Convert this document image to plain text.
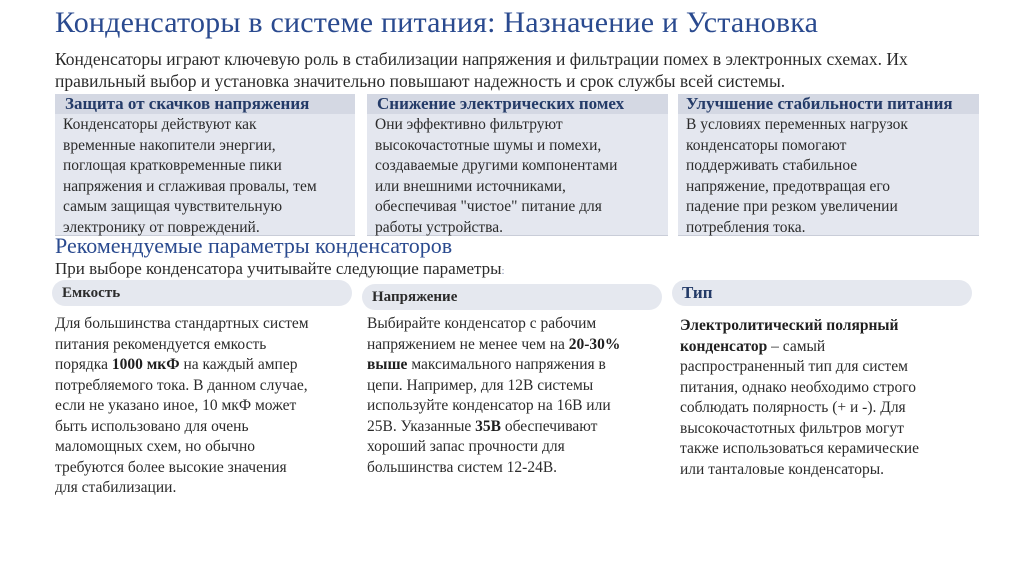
Конденсаторы в системе питания: Назначение и Установка
Конденсаторы играют ключевую роль в стабилизации напряжения и фильтрации помех в электронных схемах. Их правильный выбор и установка значительно повышают надежность и срок службы всей системы.
Защита от скачков напряжения
Конденсаторы действуют как
временные накопители энергии,
поглощая кратковременные пики
напряжения и сглаживая провалы, тем
самым защищая чувствительную
электронику от повреждений.
Снижение электрических помех
Они эффективно фильтруют
высокочастотные шумы и помехи,
создаваемые другими компонентами
или внешними источниками,
обеспечивая "чистое" питание для
работы устройства.
Улучшение стабильности питания
В условиях переменных нагрузок
конденсаторы помогают
поддерживать стабильное
напряжение, предотвращая его
падение при резком увеличении
потребления тока.
Рекомендуемые параметры конденсаторов
При выборе конденсатора учитывайте следующие параметры:
Емкость	Напряжение	Тип
Для большинства стандартных систем
питания рекомендуется емкость
порядка 1000 мкФ на каждый ампер
потребляемого тока. В данном случае,
если не указано иное, 10 мкФ может
быть использовано для очень
маломощных схем, но обычно
требуются более высокие значения
для стабилизации.
Выбирайте конденсатор с рабочим
напряжением не менее чем на 20-30%
выше максимального напряжения в
цепи. Например, для 12В системы
используйте конденсатор на 16В или
25В. Указанные 35В обеспечивают
хороший запас прочности для
большинства систем 12-24В.
Электролитический полярный
конденсатор – самый
распространенный тип для систем
питания, однако необходимо строго
соблюдать полярность (+ и -). Для
высокочастотных фильтров могут
также использоваться керамические
или танталовые конденсаторы.
